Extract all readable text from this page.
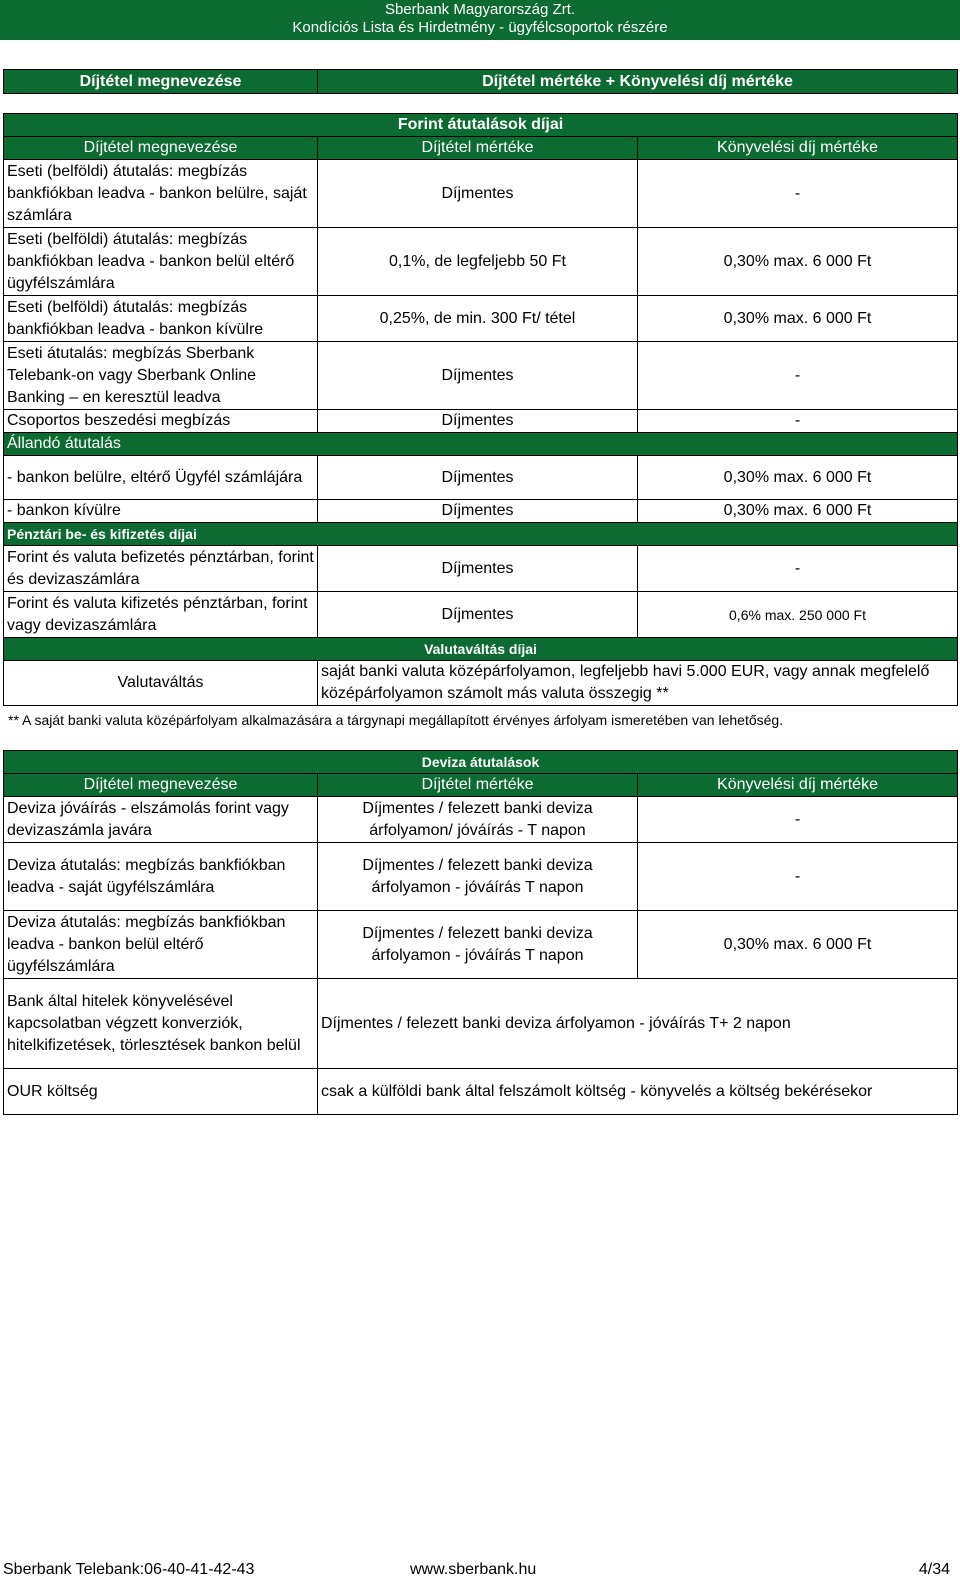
Sberbank Magyarország Zrt.
Kondíciós Lista és Hirdetmény - ügyfélcsoportok részére
Díjtétel megnevezése	Díjtétel mértéke + Könyvelési díj mértéke
Forint átutalások díjai		
Díjtétel megnevezése	Díjtétel mértéke	Könyvelési díj mértéke
Eseti (belföldi) átutalás: megbízás bankfiókban leadva - bankon belülre, saját számlára	Díjmentes	-
Eseti (belföldi) átutalás: megbízás bankfiókban leadva - bankon belül eltérő ügyfélszámlára	0,1%, de legfeljebb 50 Ft	0,30% max. 6 000 Ft
Eseti (belföldi) átutalás: megbízás bankfiókban leadva - bankon kívülre	0,25%, de min. 300 Ft/ tétel	0,30% max. 6 000 Ft
Eseti átutalás: megbízás Sberbank Telebank-on vagy Sberbank Online Banking – en keresztül leadva	Díjmentes	-
Csoportos beszedési megbízás	Díjmentes	-
Állandó átutalás		
- bankon belülre, eltérő Ügyfél számlájára	Díjmentes	0,30% max. 6 000 Ft
- bankon kívülre	Díjmentes	0,30% max. 6 000 Ft
Pénztári be- és kifizetés díjai		
Forint és valuta befizetés pénztárban, forint és devizaszámlára	Díjmentes	-
Forint és valuta kifizetés pénztárban, forint vagy devizaszámlára	Díjmentes	0,6% max. 250 000 Ft
Valutaváltás díjai		
Valutaváltás	saját banki valuta középárfolyamon, legfeljebb havi 5.000 EUR, vagy annak megfelelő középárfolyamon számolt más valuta összegig **	
** A saját banki valuta középárfolyam alkalmazására a tárgynapi megállapított érvényes árfolyam ismeretében van lehetőség.
Deviza átutalások		
Díjtétel megnevezése	Díjtétel mértéke	Könyvelési díj mértéke
Deviza jóváírás - elszámolás forint vagy devizaszámla javára	Díjmentes / felezett banki deviza árfolyamon/ jóváírás - T napon	-
Deviza átutalás: megbízás bankfiókban leadva - saját ügyfélszámlára	Díjmentes / felezett banki deviza árfolyamon - jóváírás T napon	-
Deviza átutalás: megbízás bankfiókban leadva - bankon belül eltérő ügyfélszámlára	Díjmentes / felezett banki deviza árfolyamon - jóváírás T napon	0,30% max. 6 000 Ft
Bank által hitelek könyvelésével kapcsolatban végzett konverziók, hitelkifizetések, törlesztések bankon belül	Díjmentes / felezett banki deviza árfolyamon - jóváírás T+ 2 napon	
OUR költség	csak a külföldi bank által felszámolt költség - könyvelés a költség bekérésekor	
Sberbank Telebank:06-40-41-42-43	www.sberbank.hu	4/34
